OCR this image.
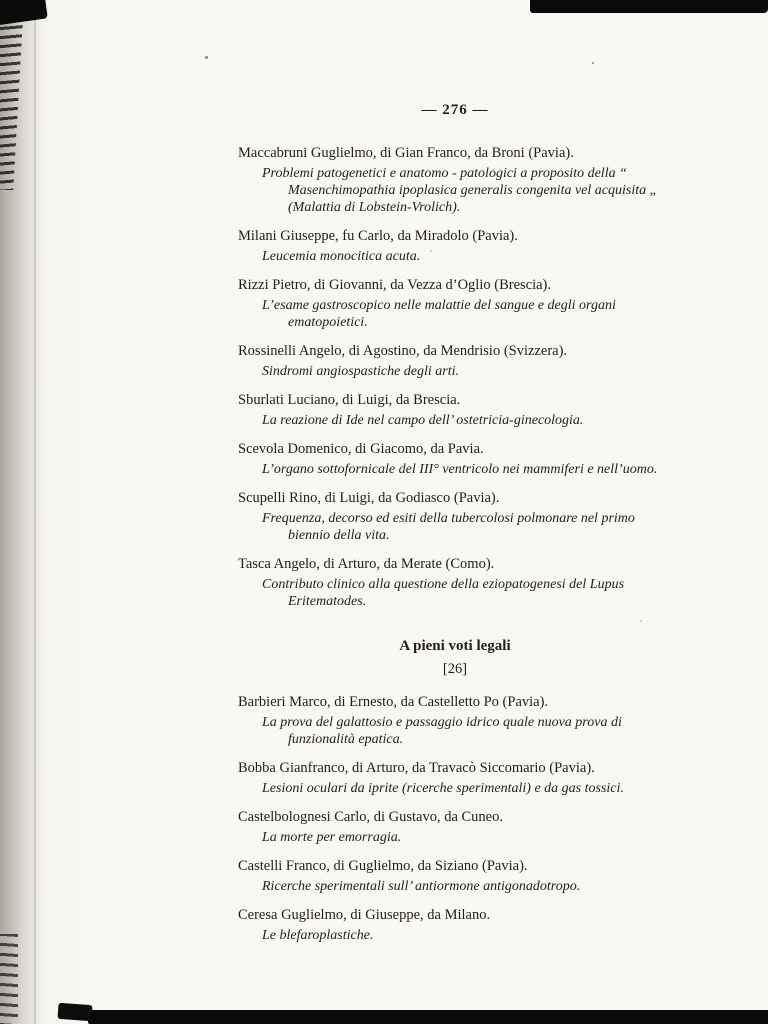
— 276 —

Maccabruni Guglielmo, di Gian Franco, da Broni (Pavia).

Problemi patogenetici e anatomo - patologici a proposito della “ Masenchimopathia ipoplasica generalis congenita vel acquisita „ (Malattia di Lobstein-Vrolich).

Milani Giuseppe, fu Carlo, da Miradolo (Pavia).

Leucemia monocitica acuta.

Rizzi Pietro, di Giovanni, da Vezza d’Oglio (Brescia).

L’esame gastroscopico nelle malattie del sangue e degli organi ematopoietici.

Rossinelli Angelo, di Agostino, da Mendrisio (Svizzera).

Sindromi angiospastiche degli arti.

Sburlati Luciano, di Luigi, da Brescia.

La reazione di Ide nel campo dell’ ostetricia-ginecologia.

Scevola Domenico, di Giacomo, da Pavia.

L’organo sottofornicale del III° ventricolo nei mammiferi e nell’uomo.

Scupelli Rino, di Luigi, da Godiasco (Pavia).

Frequenza, decorso ed esiti della tubercolosi polmonare nel primo biennio della vita.

Tasca Angelo, di Arturo, da Merate (Como).

Contributo clinico alla questione della eziopatogenesi del Lupus Eritematodes.

A pieni voti legali

[26]

Barbieri Marco, di Ernesto, da Castelletto Po (Pavia).

La prova del galattosio e passaggio idrico quale nuova prova di funzionalità epatica.

Bobba Gianfranco, di Arturo, da Travacò Siccomario (Pavia).

Lesioni oculari da iprite (ricerche sperimentali) e da gas tossici.

Castelbolognesi Carlo, di Gustavo, da Cuneo.

La morte per emorragia.

Castelli Franco, di Guglielmo, da Siziano (Pavia).

Ricerche sperimentali sull’ antiormone antigonadotropo.

Ceresa Guglielmo, di Giuseppe, da Milano.

Le blefaroplastiche.
